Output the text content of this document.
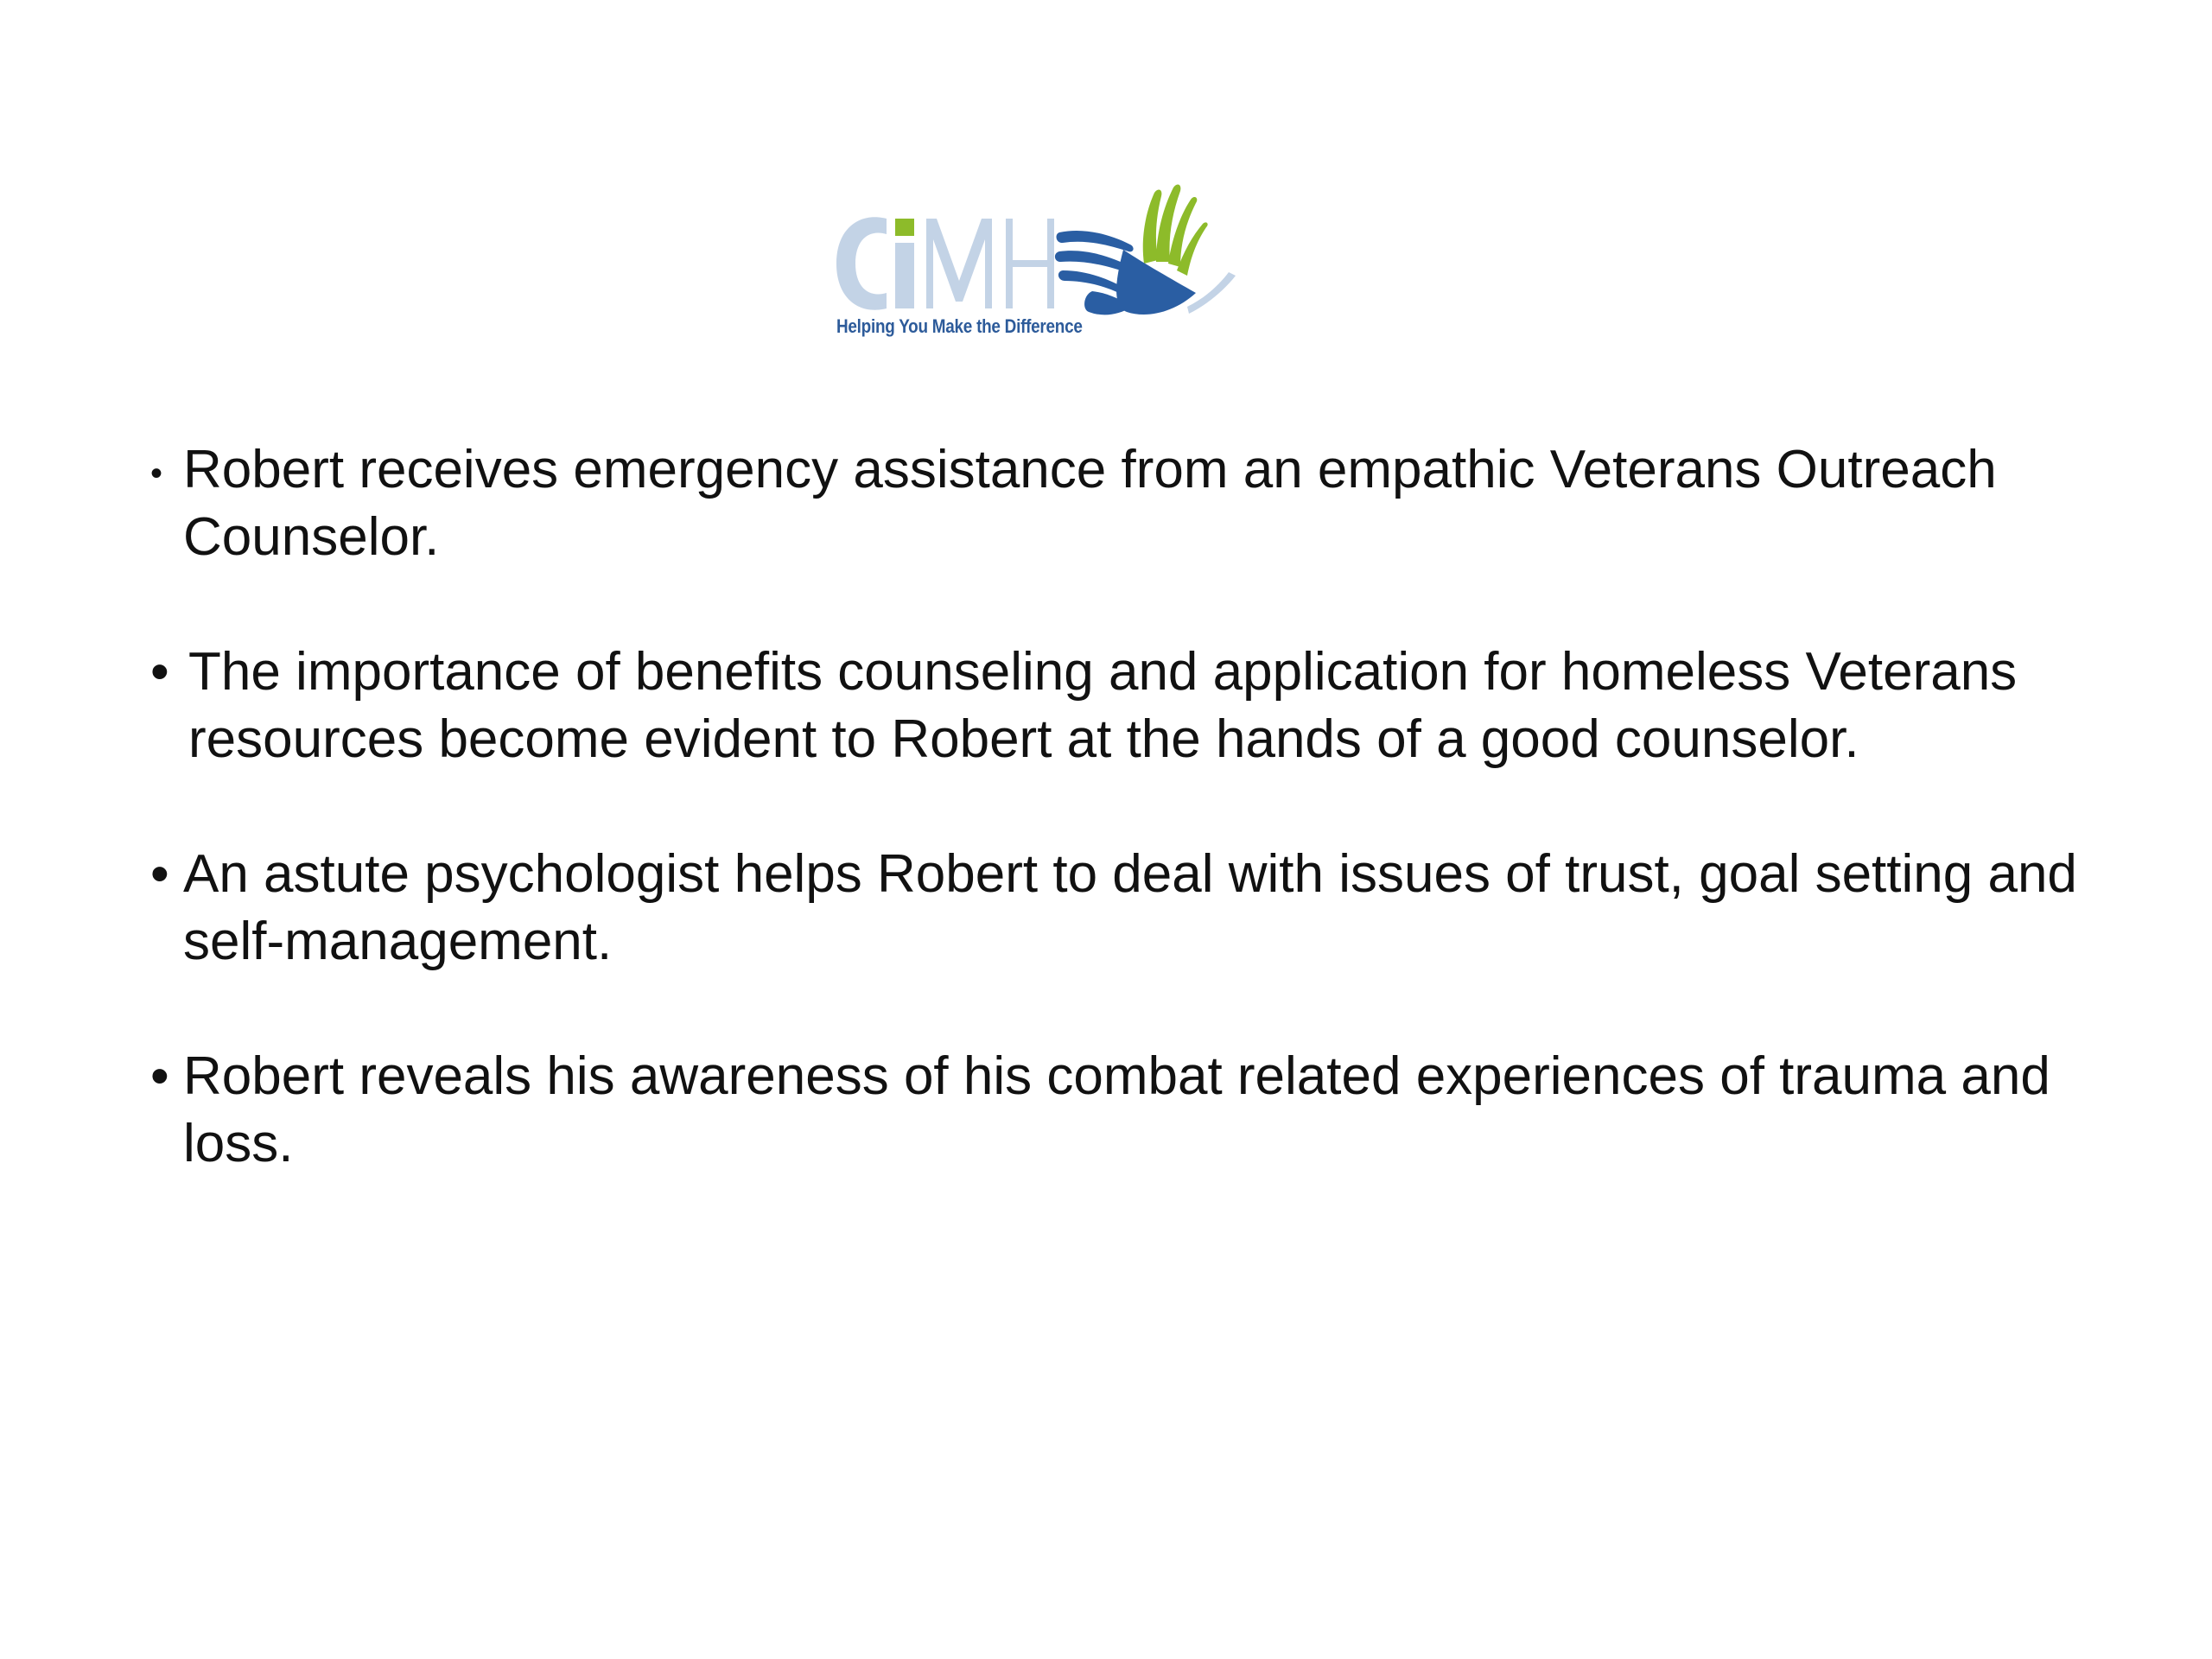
Helping You Make the Difference
• Robert receives emergency assistance from an empathic Veterans Outreach Counselor.
• The importance of benefits counseling and application for homeless Veterans resources become evident to Robert at the hands of a good counselor.
• An astute psychologist helps Robert to deal with issues of trust, goal setting and self-management.
• Robert reveals his awareness of his combat related experiences of trauma and loss.
